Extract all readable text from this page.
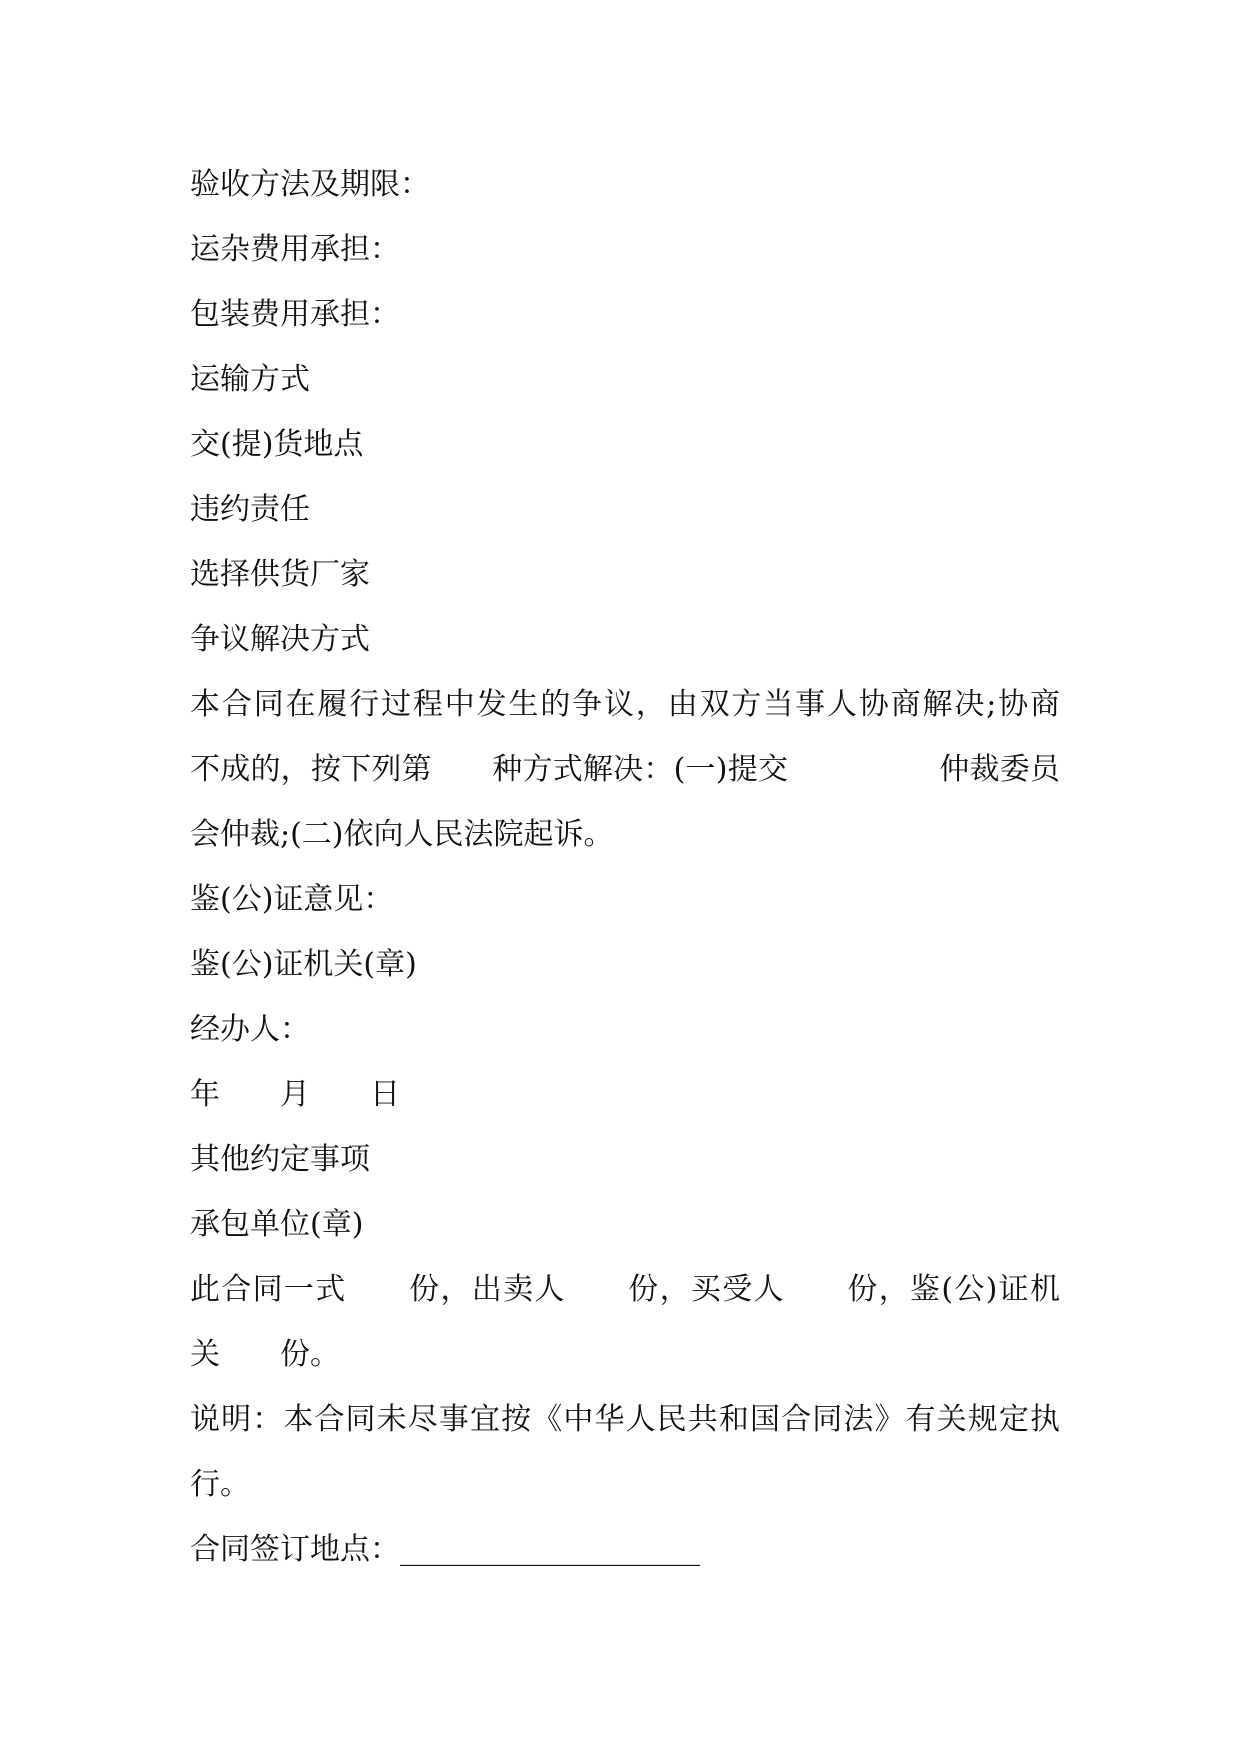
验收方法及期限：

运杂费用承担：

包装费用承担：

运输方式

交(提)货地点

违约责任

选择供货厂家

争议解决方式

本合同在履行过程中发生的争议，由双方当事人协商解决;协商

不成的，按下列第　　种方式解决：(一)提交　　　　　仲裁委员

会仲裁;(二)依向人民法院起诉。

鉴(公)证意见：

鉴(公)证机关(章)

经办人：

年　　月　　日

其他约定事项

承包单位(章)

此合同一式　　份，出卖人　　份，买受人　　份，鉴(公)证机

关　　份。

说明：本合同未尽事宜按《中华人民共和国合同法》有关规定执

行。

合同签订地点：____________________
